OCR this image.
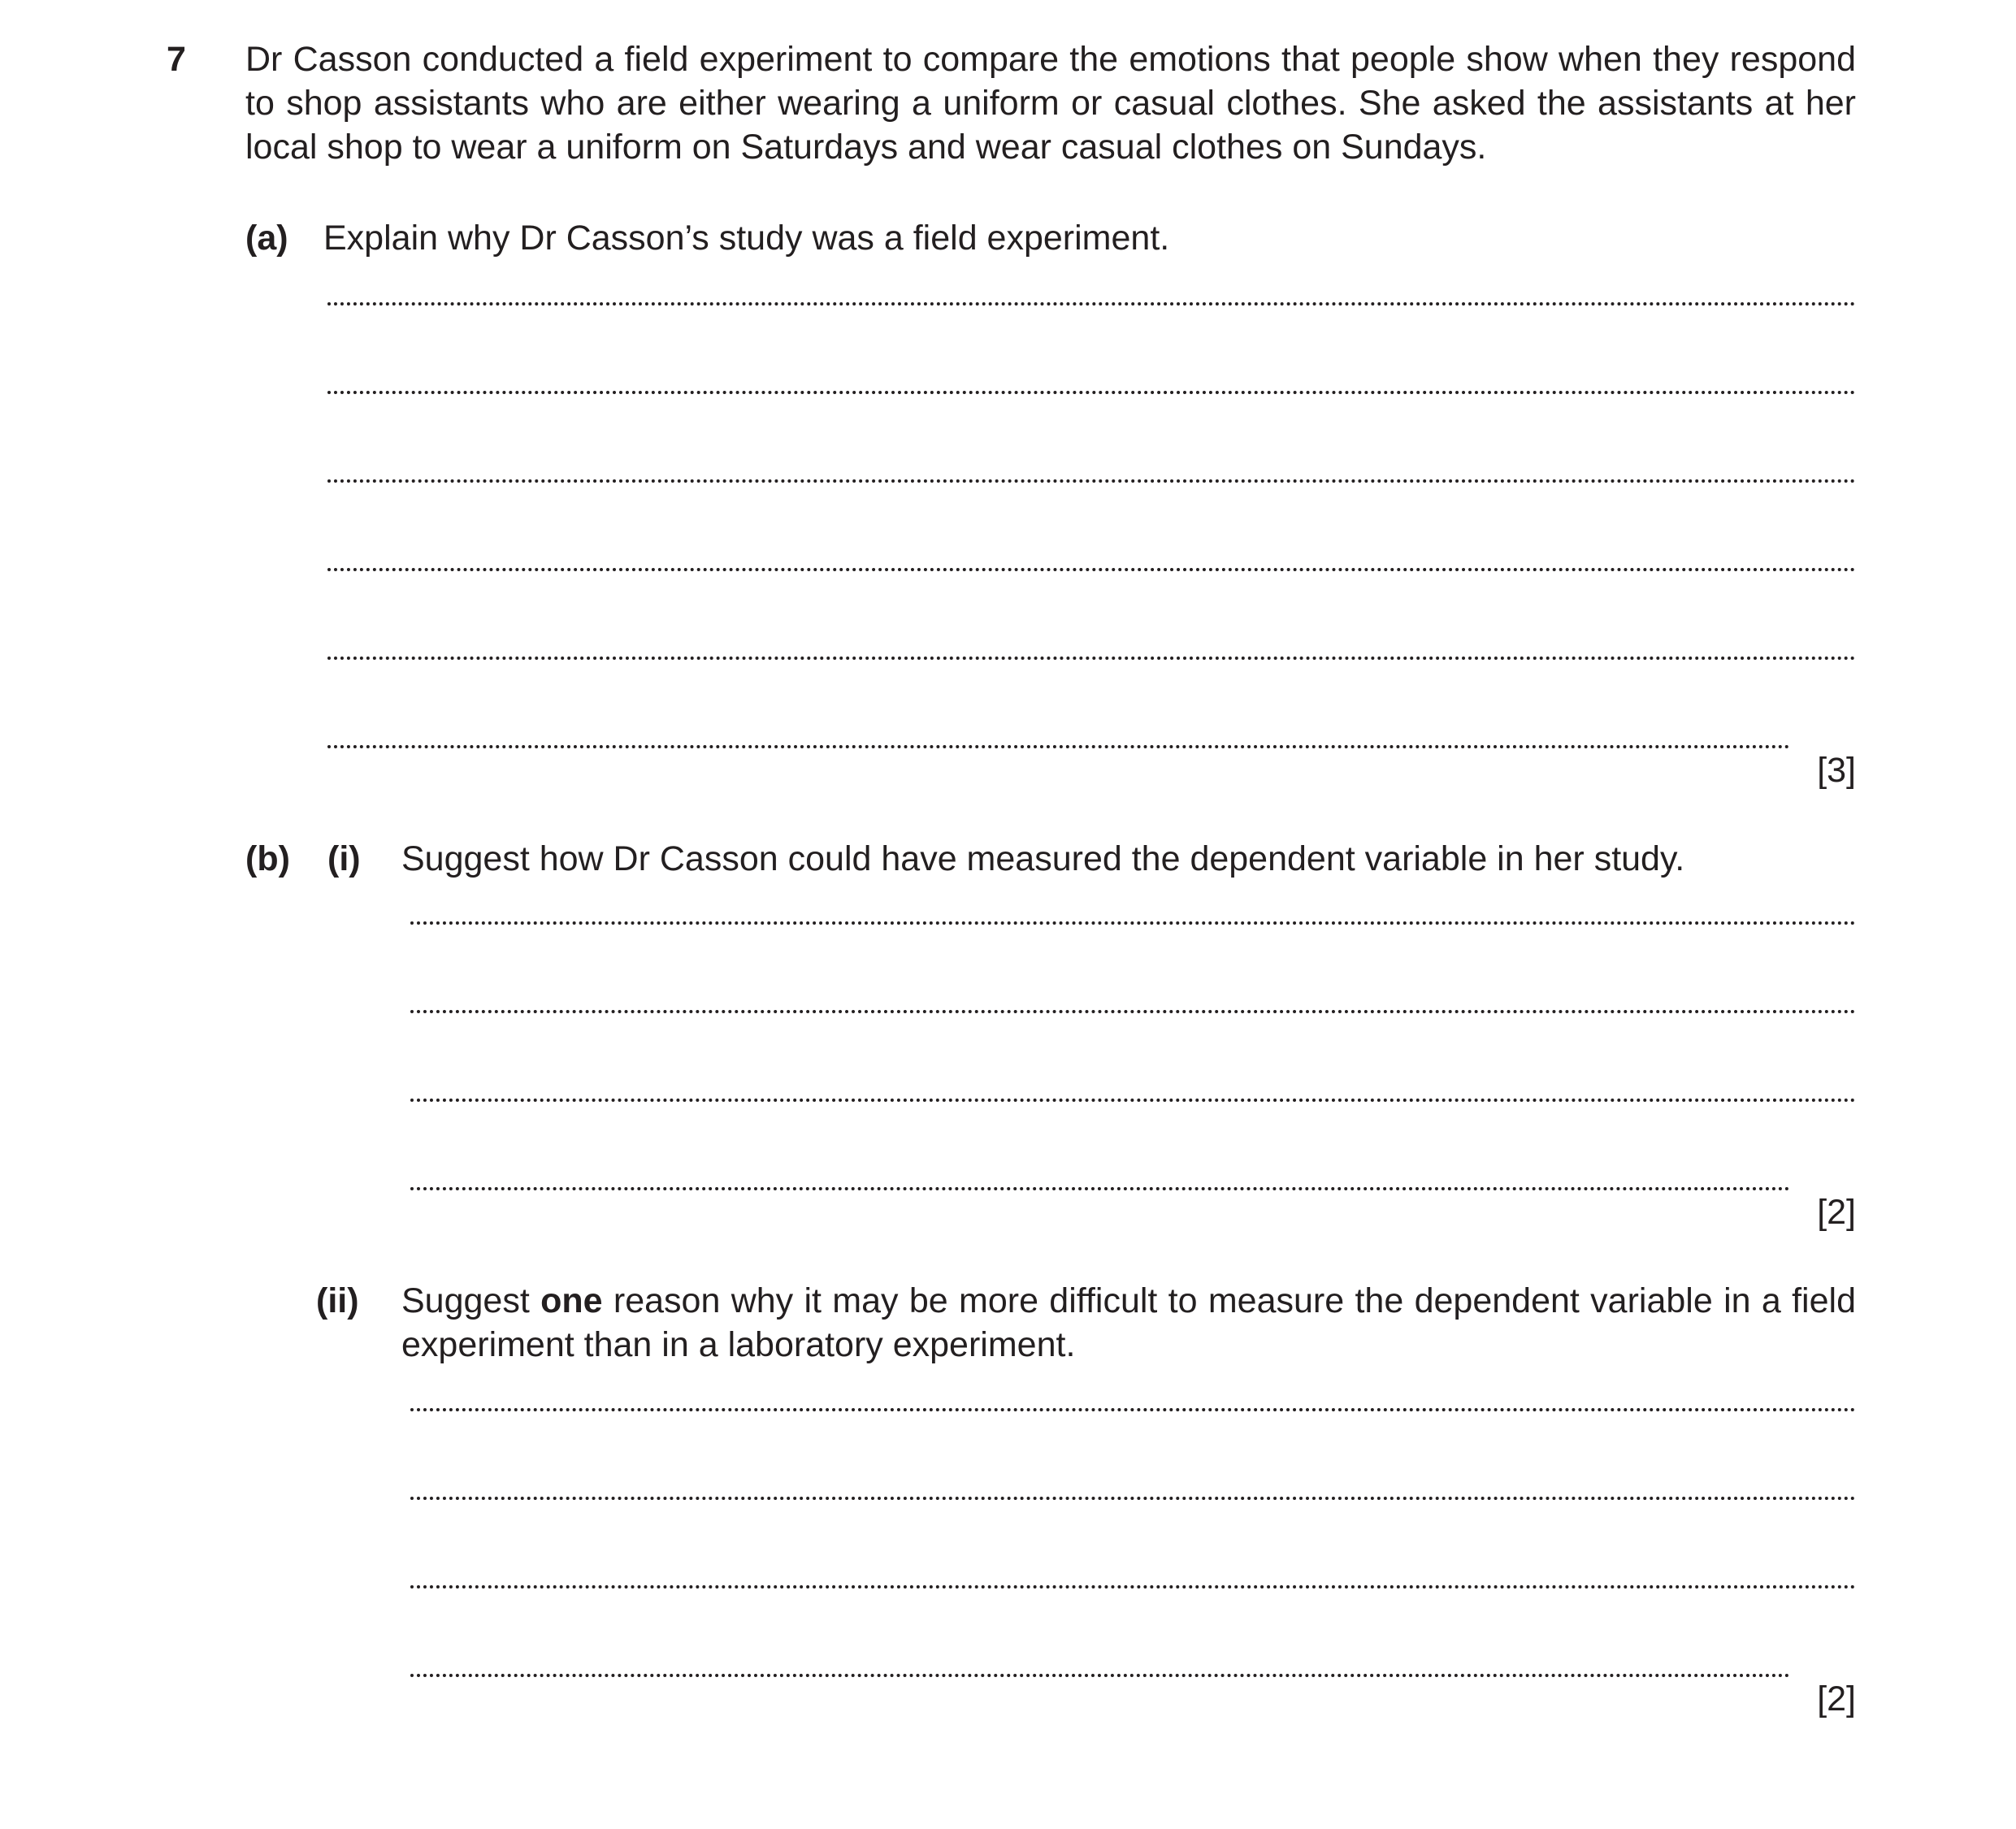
7 Dr Casson conducted a field experiment to compare the emotions that people show when they respond to shop assistants who are either wearing a uniform or casual clothes. She asked the assistants at her local shop to wear a uniform on Saturdays and wear casual clothes on Sundays.
(a) Explain why Dr Casson’s study was a field experiment.
[3]
(b) (i) Suggest how Dr Casson could have measured the dependent variable in her study.
[2]
(ii) Suggest one reason why it may be more difficult to measure the dependent variable in a field experiment than in a laboratory experiment.
[2]
